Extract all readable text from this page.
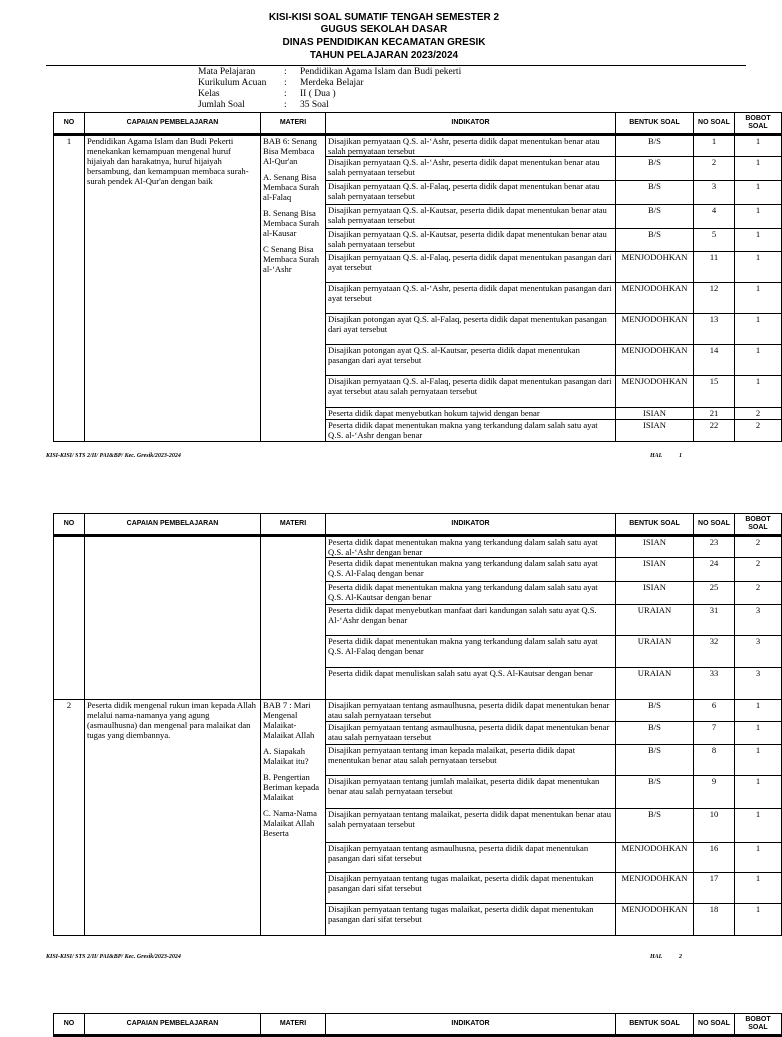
KISI-KISI SOAL SUMATIF TENGAH SEMESTER 2
GUGUS SEKOLAH DASAR
DINAS PENDIDIKAN KECAMATAN GRESIK
TAHUN PELAJARAN 2023/2024
Mata Pelajaran	:	Pendidikan Agama Islam dan Budi pekerti
Kurikulum Acuan	:	Merdeka Belajar
Kelas	:	II ( Dua )
Jumlah Soal	:	35 Soal
NO	CAPAIAN PEMBELAJARAN	MATERI	INDIKATOR	BENTUK SOAL	NO SOAL	BOBOT SOAL
1	Pendidikan Agama Islam dan Budi Pekerti menekankan kemampuan mengenal huruf hijaiyah dan harakatnya, huruf hijaiyah bersambung, dan kemampuan membaca surah-surah pendek Al-Qur'an dengan baik	BAB 6: Senang Bisa Membaca Al-Qur'an

A. Senang Bisa Membaca Surah al-Falaq

B. Senang Bisa Membaca Surah al-Kausar

C Senang Bisa Membaca Surah al-‘Ashr	Disajikan pernyataan Q.S. al-‘Ashr, peserta didik dapat menentukan benar atau salah pernyataan tersebut	B/S	1	1
			Disajikan pernyataan Q.S. al-‘Ashr, peserta didik dapat menentukan benar atau salah pernyataan tersebut	B/S	2	1
			Disajikan pernyataan Q.S. al-Falaq, peserta didik dapat menentukan benar atau salah pernyataan tersebut	B/S	3	1
			Disajikan pernyataan Q.S. al-Kautsar, peserta didik dapat menentukan benar atau salah pernyataan tersebut	B/S	4	1
			Disajikan pernyataan Q.S. al-Kautsar, peserta didik dapat menentukan benar atau salah pernyataan tersebut	B/S	5	1
			Disajikan pernyataan Q.S. al-Falaq, peserta didik dapat menentukan pasangan dari ayat tersebut	MENJODOHKAN	11	1
			Disajikan pernyataan Q.S. al-‘Ashr, peserta didik dapat menentukan pasangan dari ayat tersebut	MENJODOHKAN	12	1
			Disajikan potongan ayat Q.S. al-Falaq, peserta didik dapat menentukan pasangan dari ayat tersebut	MENJODOHKAN	13	1
			Disajikan potongan ayat Q.S. al-Kautsar, peserta didik dapat menentukan pasangan dari ayat tersebut	MENJODOHKAN	14	1
			Disajikan pernyataan Q.S. al-Falaq, peserta didik dapat menentukan pasangan dari ayat tersebut atau salah pernyataan tersebut	MENJODOHKAN	15	1
			Peserta didik dapat menyebutkan hokum tajwid dengan benar	ISIAN	21	2
			Peserta didik dapat menentukan makna yang terkandung dalam salah satu ayat Q.S. al-‘Ashr dengan benar	ISIAN	22	2
KISI-KISI/ STS 2/II/ PAI&BP/ Kec. Gresik/2023-2024	HAL	1
NO	CAPAIAN PEMBELAJARAN	MATERI	INDIKATOR	BENTUK SOAL	NO SOAL	BOBOT SOAL
			Peserta didik dapat menentukan makna yang terkandung dalam salah satu ayat Q.S. al-‘Ashr dengan benar	ISIAN	23	2
			Peserta didik dapat menentukan makna yang terkandung dalam salah satu ayat Q.S. Al-Falaq dengan benar	ISIAN	24	2
			Peserta didik dapat menentukan makna yang terkandung dalam salah satu ayat Q.S. Al-Kautsar dengan benar	ISIAN	25	2
			Peserta didik dapat menyebutkan manfaat dari kandungan salah satu ayat Q.S. Al-‘Ashr dengan benar	URAIAN	31	3
			Peserta didik dapat menentukan makna yang terkandung dalam salah satu ayat Q.S. Al-Falaq dengan benar	URAIAN	32	3
			Peserta didik dapat menuliskan salah satu ayat Q.S. Al-Kautsar dengan benar	URAIAN	33	3
2	Peserta didik mengenal rukun iman kepada Allah melalui nama-namanya yang agung (asmaulhusna) dan mengenal para malaikat dan tugas yang diembannya.	BAB 7 : Mari Mengenal Malaikat-Malaikat Allah

A. Siapakah Malaikat itu?

B. Pengertian Beriman kepada Malaikat

C. Nama-Nama Malaikat Allah Beserta	Disajikan pernyataan tentang asmaulhusna, peserta didik dapat menentukan benar atau salah pernyataan tersebut	B/S	6	1
			Disajikan pernyataan tentang asmaulhusna, peserta didik dapat menentukan benar atau salah pernyataan tersebut	B/S	7	1
			Disajikan pernyataan tentang iman kepada malaikat, peserta didik dapat menentukan benar atau salah pernyataan tersebut	B/S	8	1
			Disajikan pernyataan tentang jumlah malaikat, peserta didik dapat menentukan benar atau salah pernyataan tersebut	B/S	9	1
			Disajikan pernyataan tentang malaikat, peserta didik dapat menentukan benar atau salah pernyataan tersebut	B/S	10	1
			Disajikan pernyataan tentang asmaulhusna, peserta didik dapat menentukan pasangan dari sifat tersebut	MENJODOHKAN	16	1
			Disajikan pernyataan tentang tugas malaikat, peserta didik dapat menentukan pasangan dari sifat tersebut	MENJODOHKAN	17	1
			Disajikan pernyataan tentang tugas malaikat, peserta didik dapat menentukan pasangan dari sifat tersebut	MENJODOHKAN	18	1
KISI-KISI/ STS 2/II/ PAI&BP/ Kec. Gresik/2023-2024	HAL	2
NO	CAPAIAN PEMBELAJARAN	MATERI	INDIKATOR	BENTUK SOAL	NO SOAL	BOBOT SOAL
